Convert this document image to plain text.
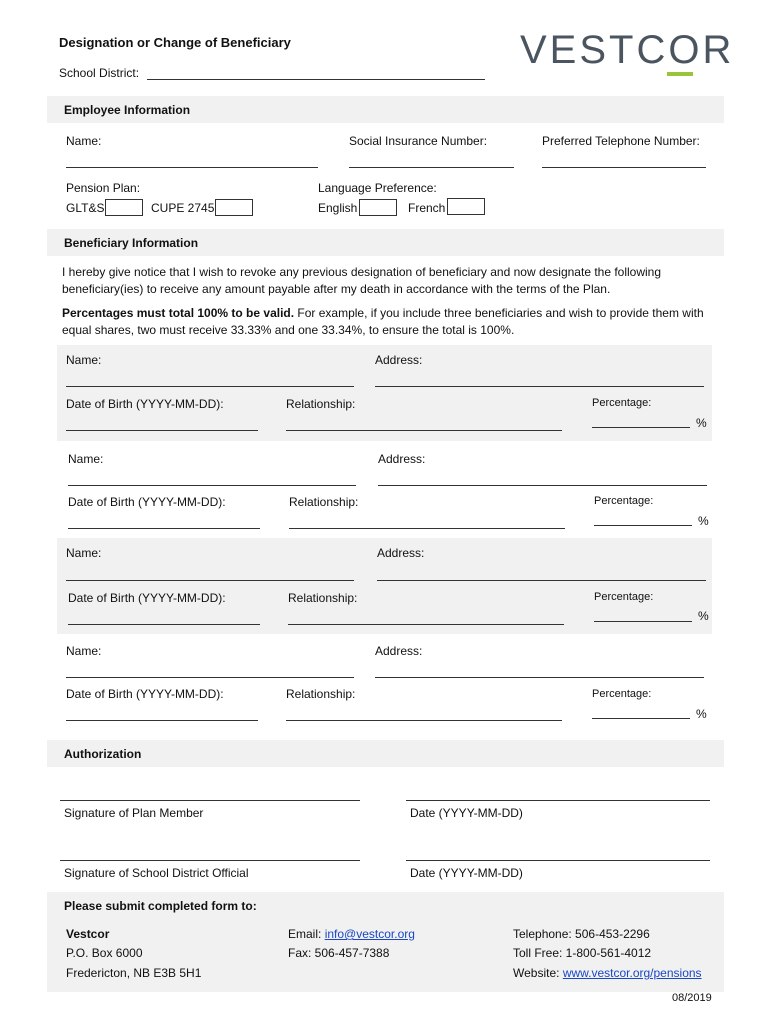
Designation or Change of Beneficiary
School District:
VESTCOR
Employee Information
Name:	Social Insurance Number:	Preferred Telephone Number:
Pension Plan:
GLT&S	CUPE 2745
Language Preference:
English	French
Beneficiary Information
I hereby give notice that I wish to revoke any previous designation of beneficiary and now designate the following beneficiary(ies) to receive any amount payable after my death in accordance with the terms of the Plan.
Percentages must total 100% to be valid. For example, if you include three beneficiaries and wish to provide them with equal shares, two must receive 33.33% and one 33.34%, to ensure the total is 100%.
Name:	Address:
Date of Birth (YYYY-MM-DD):	Relationship:	Percentage:
%
Name:	Address:
Date of Birth (YYYY-MM-DD):	Relationship:	Percentage:
%
Name:	Address:
Date of Birth (YYYY-MM-DD):	Relationship:	Percentage:
%
Name:	Address:
Date of Birth (YYYY-MM-DD):	Relationship:	Percentage:
%
Authorization
Signature of Plan Member	Date (YYYY-MM-DD)
Signature of School District Official	Date (YYYY-MM-DD)
Please submit completed form to:
Vestcor
P.O. Box 6000
Fredericton, NB E3B 5H1
Email: info@vestcor.org
Fax: 506-457-7388
Telephone: 506-453-2296
Toll Free: 1-800-561-4012
Website: www.vestcor.org/pensions
08/2019
